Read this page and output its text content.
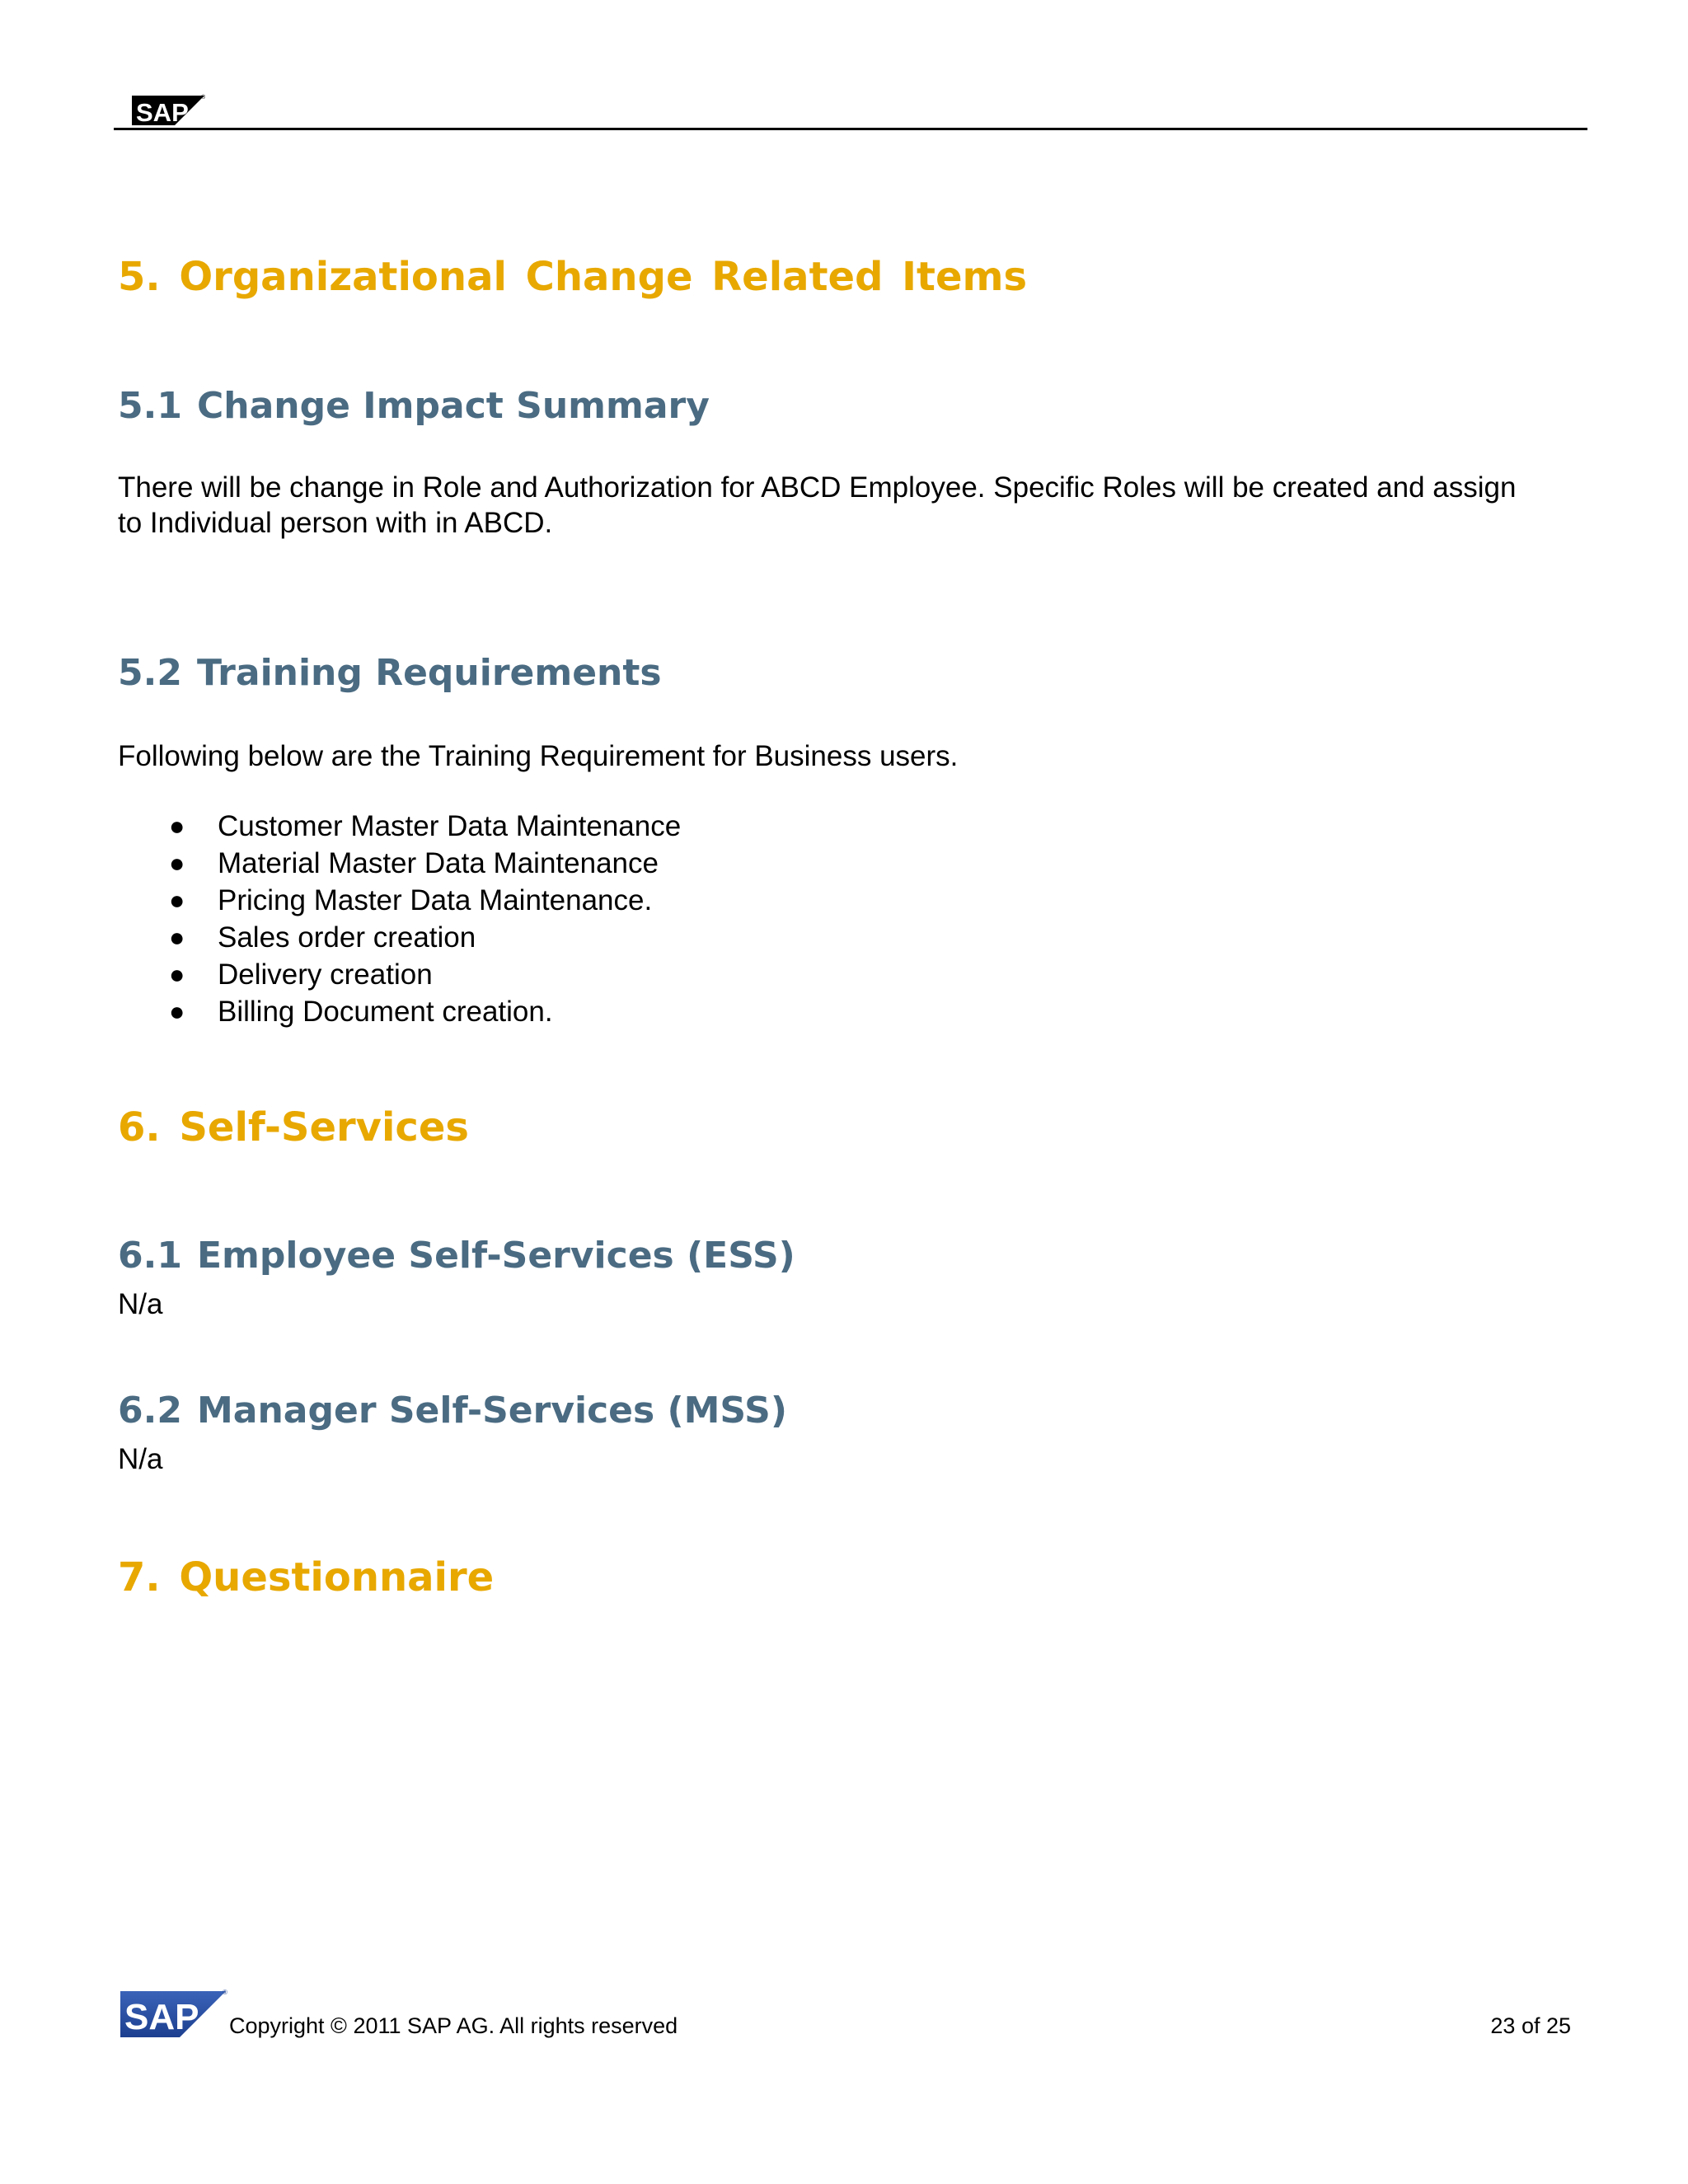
SAP
®
5. Organizational Change Related Items
5.1 Change Impact Summary

There will be change in Role and Authorization for ABCD Employee. Specific Roles will be created and assign to Individual person with in ABCD.

5.2 Training Requirements

Following below are the Training Requirement for Business users.

● Customer Master Data Maintenance
● Material Master Data Maintenance
● Pricing Master Data Maintenance.
● Sales order creation
● Delivery creation
● Billing Document creation.
6. Self-Services
6.1 Employee Self-Services (ESS)

N/a

6.2 Manager Self-Services (MSS)

N/a

7. Questionnaire
SAP
®
Copyright © 2011 SAP AG. All rights reserved	23 of 25
